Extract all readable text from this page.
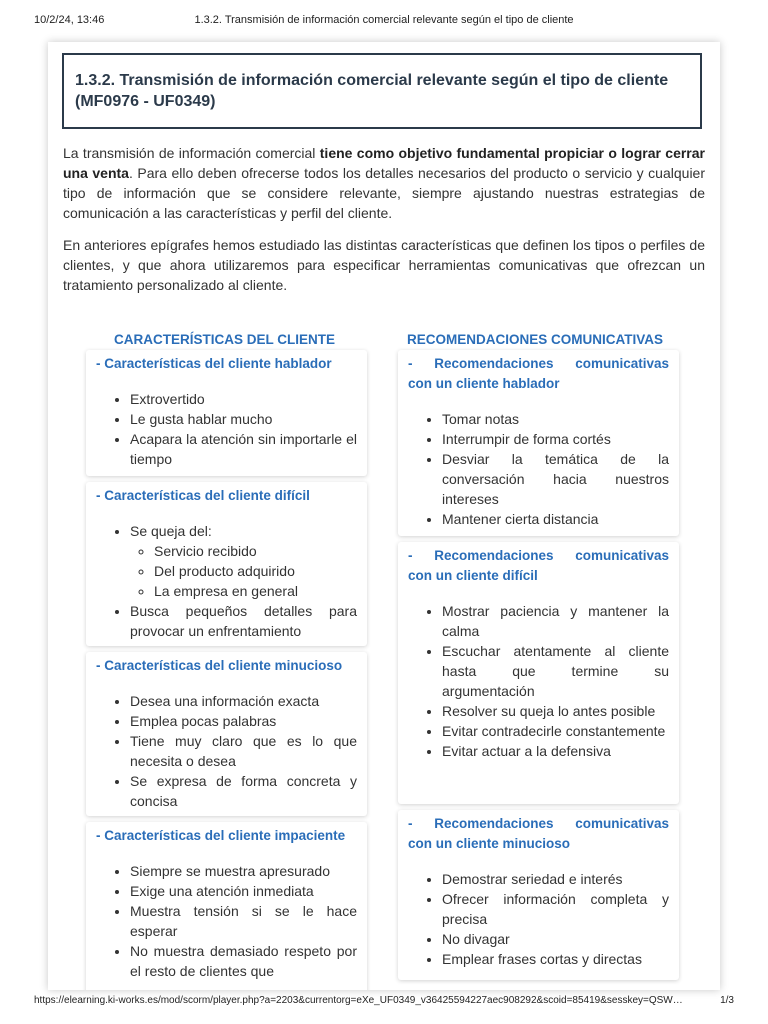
10/2/24, 13:46	1.3.2. Transmisión de información comercial relevante según el tipo de cliente
1.3.2. Transmisión de información comercial relevante según el tipo de cliente (MF0976 - UF0349)

La transmisión de información comercial tiene como objetivo fundamental propiciar o lograr cerrar una venta. Para ello deben ofrecerse todos los detalles necesarios del producto o servicio y cualquier tipo de información que se considere relevante, siempre ajustando nuestras estrategias de comunicación a las características y perfil del cliente.

En anteriores epígrafes hemos estudiado las distintas características que definen los tipos o perfiles de clientes, y que ahora utilizaremos para especificar herramientas comunicativas que ofrezcan un tratamiento personalizado al cliente.

CARACTERÍSTICAS DEL CLIENTE	RECOMENDACIONES COMUNICATIVAS
- Características del cliente hablador
• Extrovertido
• Le gusta hablar mucho
• Acapara la atención sin importarle el tiempo
- Características del cliente difícil
• Se queja del:
◦ Servicio recibido
◦ Del producto adquirido
◦ La empresa en general
• Busca pequeños detalles para provocar un enfrentamiento
- Características del cliente minucioso
• Desea una información exacta
• Emplea pocas palabras
• Tiene muy claro que es lo que necesita o desea
• Se expresa de forma concreta y concisa
- Características del cliente impaciente
• Siempre se muestra apresurado
• Exige una atención inmediata
• Muestra tensión si se le hace esperar
• No muestra demasiado respeto por el resto de clientes que
- Recomendaciones comunicativas
con un cliente hablador
• Tomar notas
• Interrumpir de forma cortés
• Desviar la temática de la conversación hacia nuestros intereses
• Mantener cierta distancia
- Recomendaciones comunicativas
con un cliente difícil
• Mostrar paciencia y mantener la calma
• Escuchar atentamente al cliente hasta que termine su argumentación
• Resolver su queja lo antes posible
• Evitar contradecirle constantemente
• Evitar actuar a la defensiva
- Recomendaciones comunicativas
con un cliente minucioso
• Demostrar seriedad e interés
• Ofrecer información completa y precisa
• No divagar
• Emplear frases cortas y directas
https://elearning.ki-works.es/mod/scorm/player.php?a=2203&currentorg=eXe_UF0349_v36425594227aec908292&scoid=85419&sesskey=QSW…	1/3
